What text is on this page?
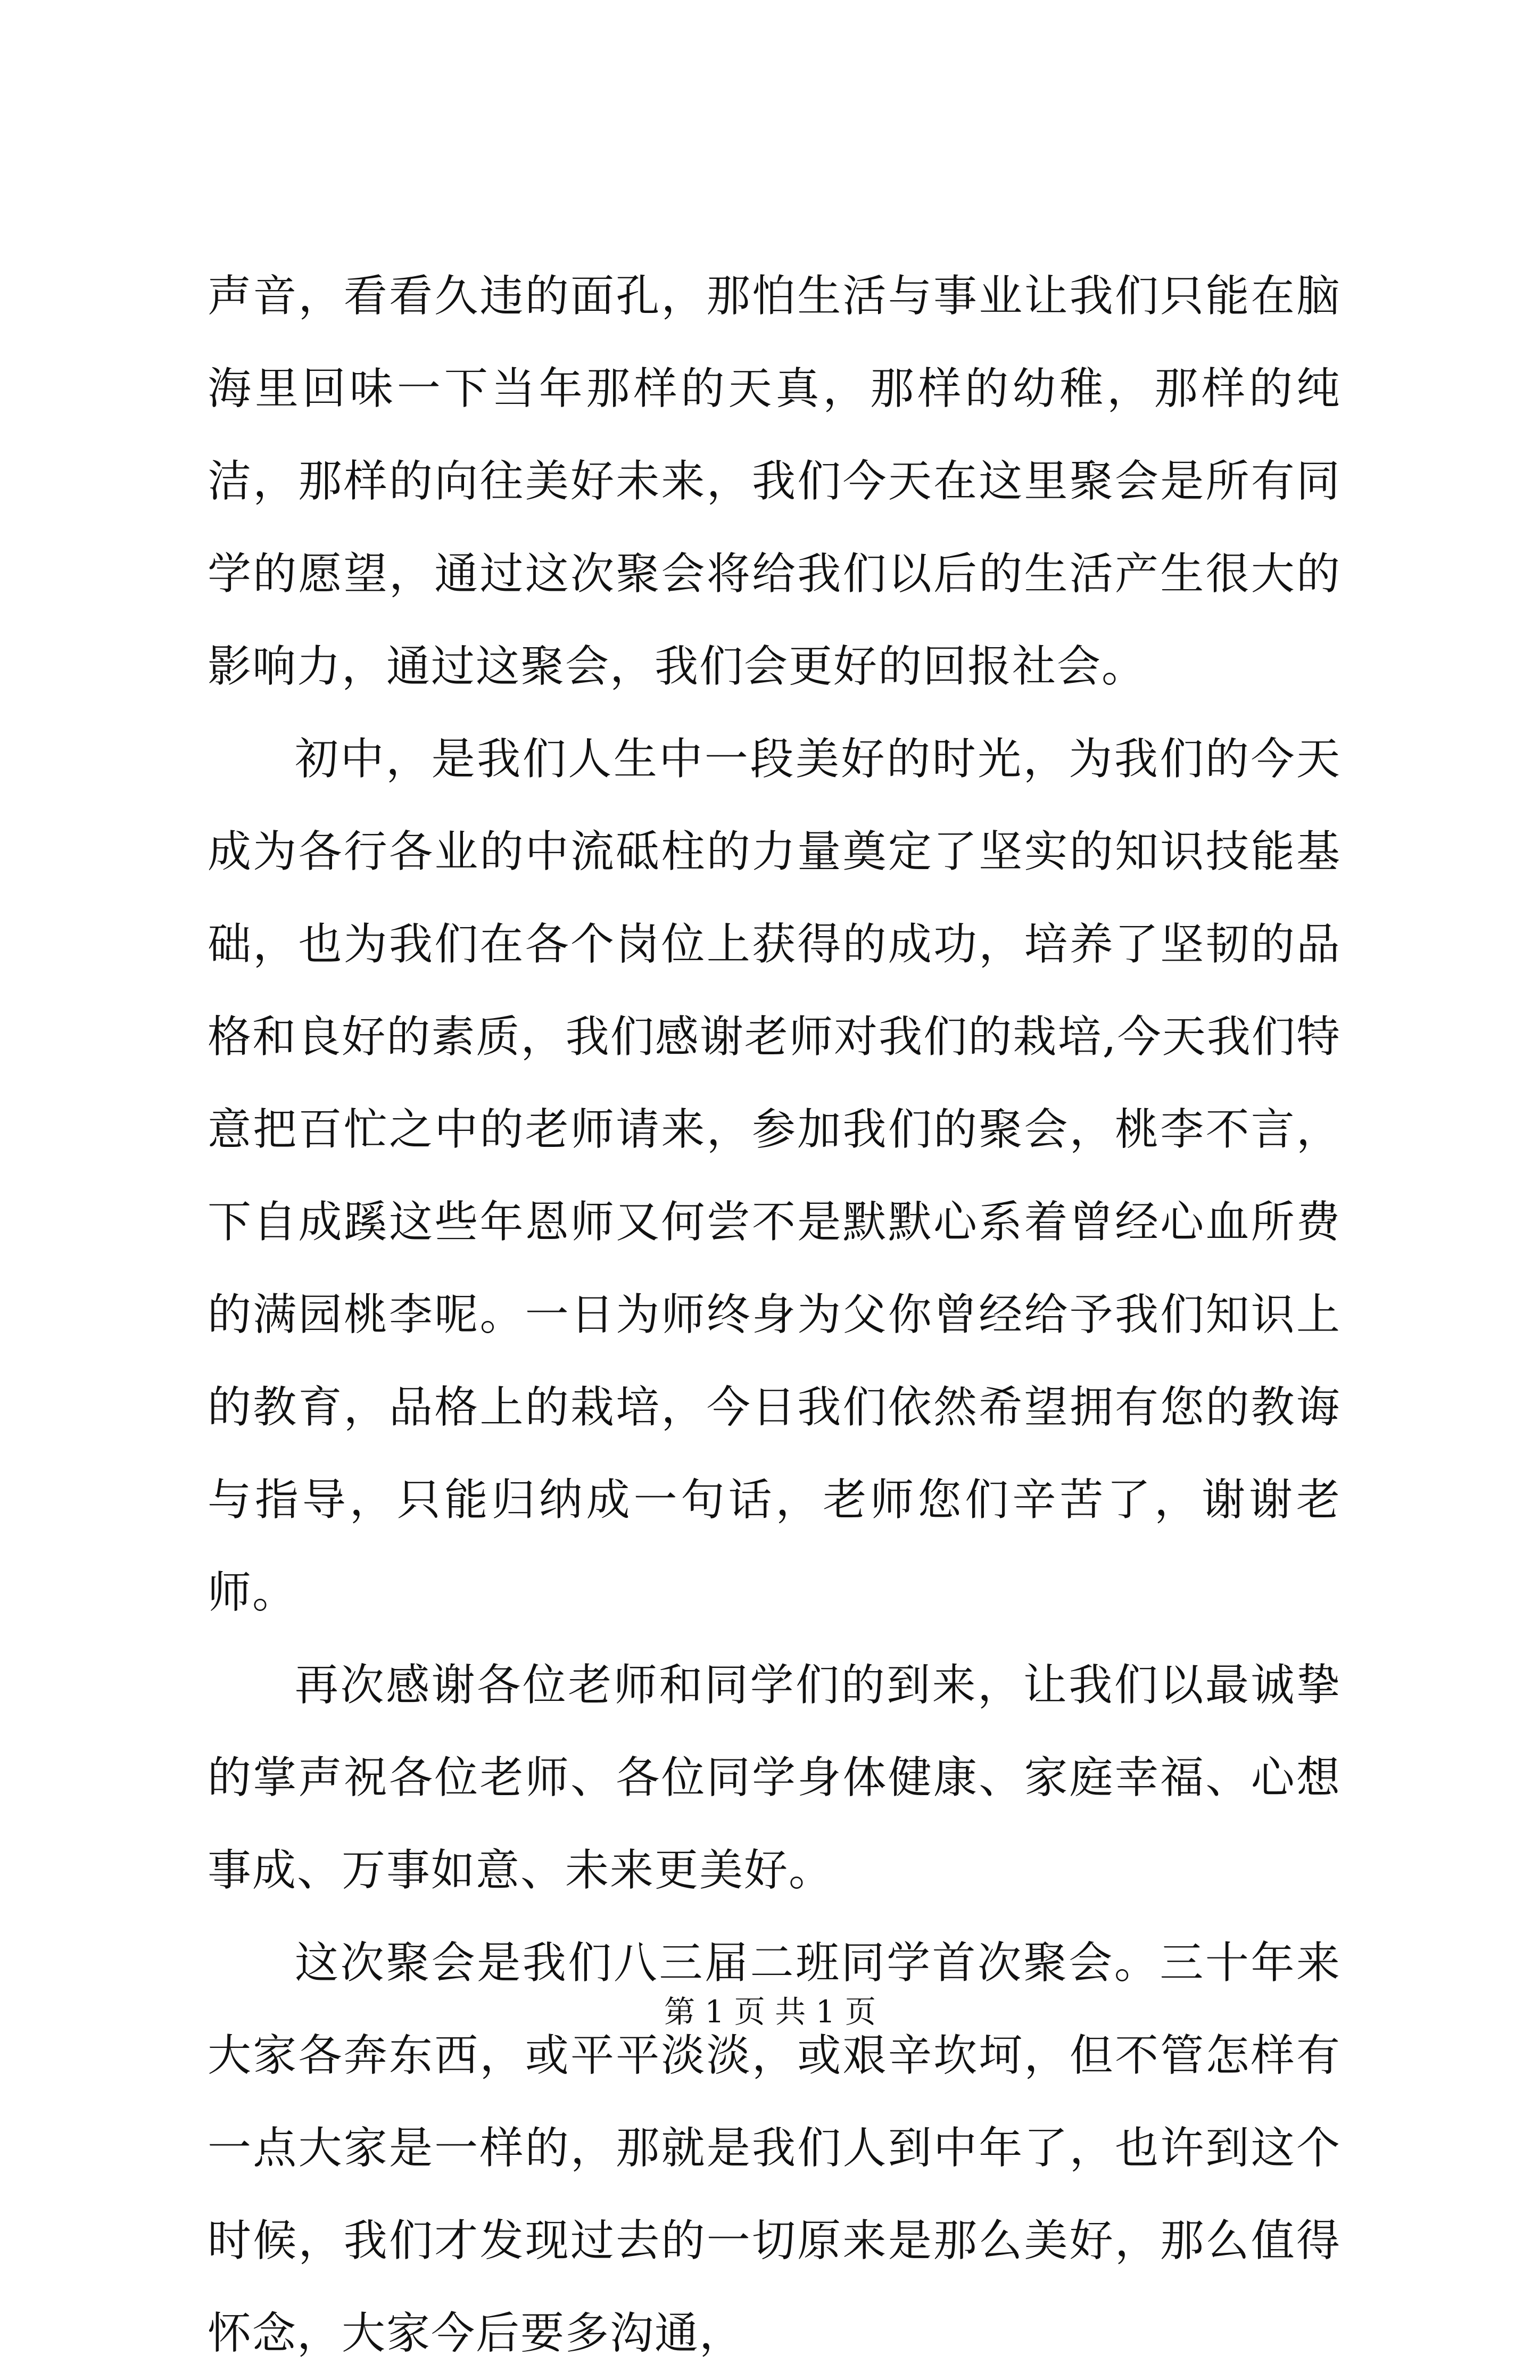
声音，看看久违的面孔，那怕生活与事业让我们只能在脑海里回味一下当年那样的天真，那样的幼稚，那样的纯洁，那样的向往美好未来，我们今天在这里聚会是所有同学的愿望，通过这次聚会将给我们以后的生活产生很大的影响力，通过这聚会，我们会更好的回报社会。

初中，是我们人生中一段美好的时光，为我们的今天成为各行各业的中流砥柱的力量奠定了坚实的知识技能基础，也为我们在各个岗位上获得的成功，培养了坚韧的品格和良好的素质，我们感谢老师对我们的栽培,今天我们特意把百忙之中的老师请来，参加我们的聚会，桃李不言，下自成蹊这些年恩师又何尝不是默默心系着曾经心血所费的满园桃李呢。一日为师终身为父你曾经给予我们知识上的教育，品格上的栽培，今日我们依然希望拥有您的教诲与指导，只能归纳成一句话，老师您们辛苦了，谢谢老师。

再次感谢各位老师和同学们的到来，让我们以最诚挚的掌声祝各位老师、各位同学身体健康、家庭幸福、心想事成、万事如意、未来更美好。

这次聚会是我们八三届二班同学首次聚会。三十年来大家各奔东西，或平平淡淡，或艰辛坎坷，但不管怎样有一点大家是一样的，那就是我们人到中年了，也许到这个时候，我们才发现过去的一切原来是那么美好，那么值得怀念，大家今后要多沟通，

第 1 页 共 1 页
